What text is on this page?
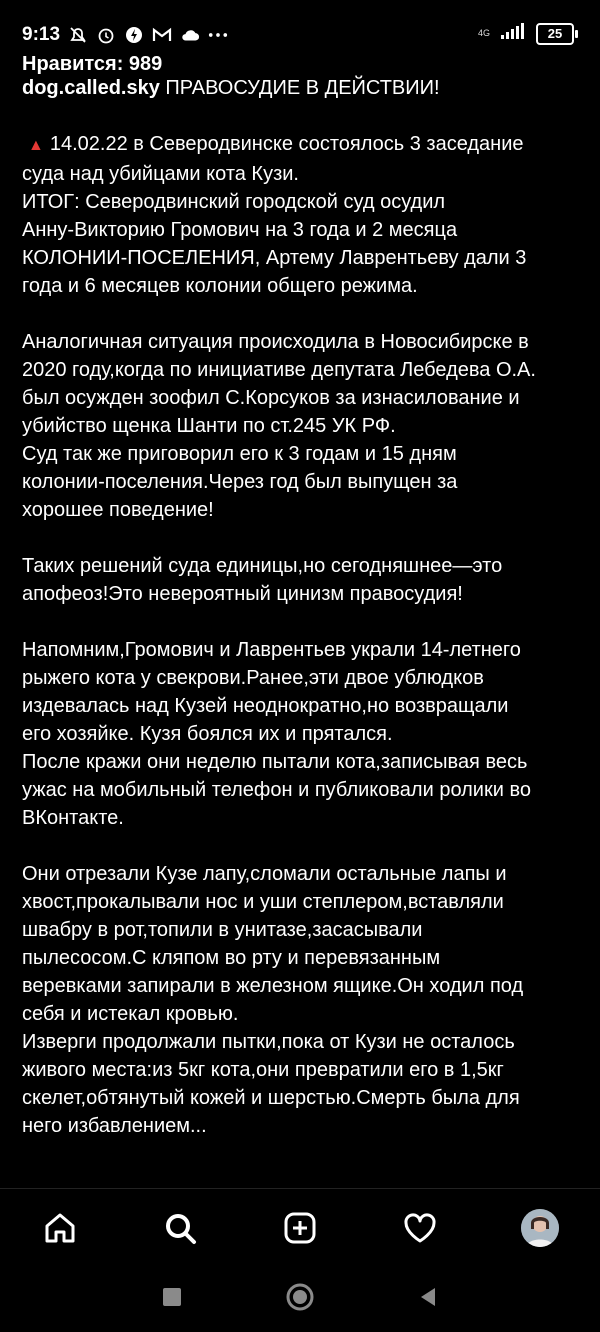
9:13	4G	25
Нравится: 989

dog.called.sky ПРАВОСУДИЕ В ДЕЙСТВИИ!

▲ 14.02.22 в Северодвинске состоялось 3 заседание
суда над убийцами кота Кузи.
ИТОГ: Северодвинский городской суд осудил
Анну-Викторию Громович на 3 года и 2 месяца
КОЛОНИИ-ПОСЕЛЕНИЯ, Артему Лаврентьеву дали 3
года и 6 месяцев колонии общего режима.

Аналогичная ситуация происходила в Новосибирске в
2020 году,когда по инициативе депутата Лебедева О.А.
был осужден зоофил С.Корсуков за изнасилование и
убийство щенка Шанти по ст.245 УК РФ.
Суд так же приговорил его к 3 годам и 15 дням
колонии-поселения.Через год был выпущен за
хорошее поведение!

Таких решений суда единицы,но сегодняшнее—это
апофеоз!Это невероятный цинизм правосудия!

Напомним,Громович и Лаврентьев украли 14-летнего
рыжего кота у свекрови.Ранее,эти двое ублюдков
издевалась над Кузей неоднократно,но возвращали
его хозяйке. Кузя боялся их и прятался.
После кражи они неделю пытали кота,записывая весь
ужас на мобильный телефон и публиковали ролики во
ВКонтакте.

Они отрезали Кузе лапу,сломали остальные лапы и
хвост,прокалывали нос и уши степлером,вставляли
швабру в рот,топили в унитазе,засасывали
пылесосом.С кляпом во рту и перевязанным
веревками запирали в железном ящике.Он ходил под
себя и истекал кровью.
Изверги продолжали пытки,пока от Кузи не осталось
живого места:из 5кг кота,они превратили его в 1,5кг
скелет,обтянутый кожей и шерстью.Смерть была для
него избавлением...
